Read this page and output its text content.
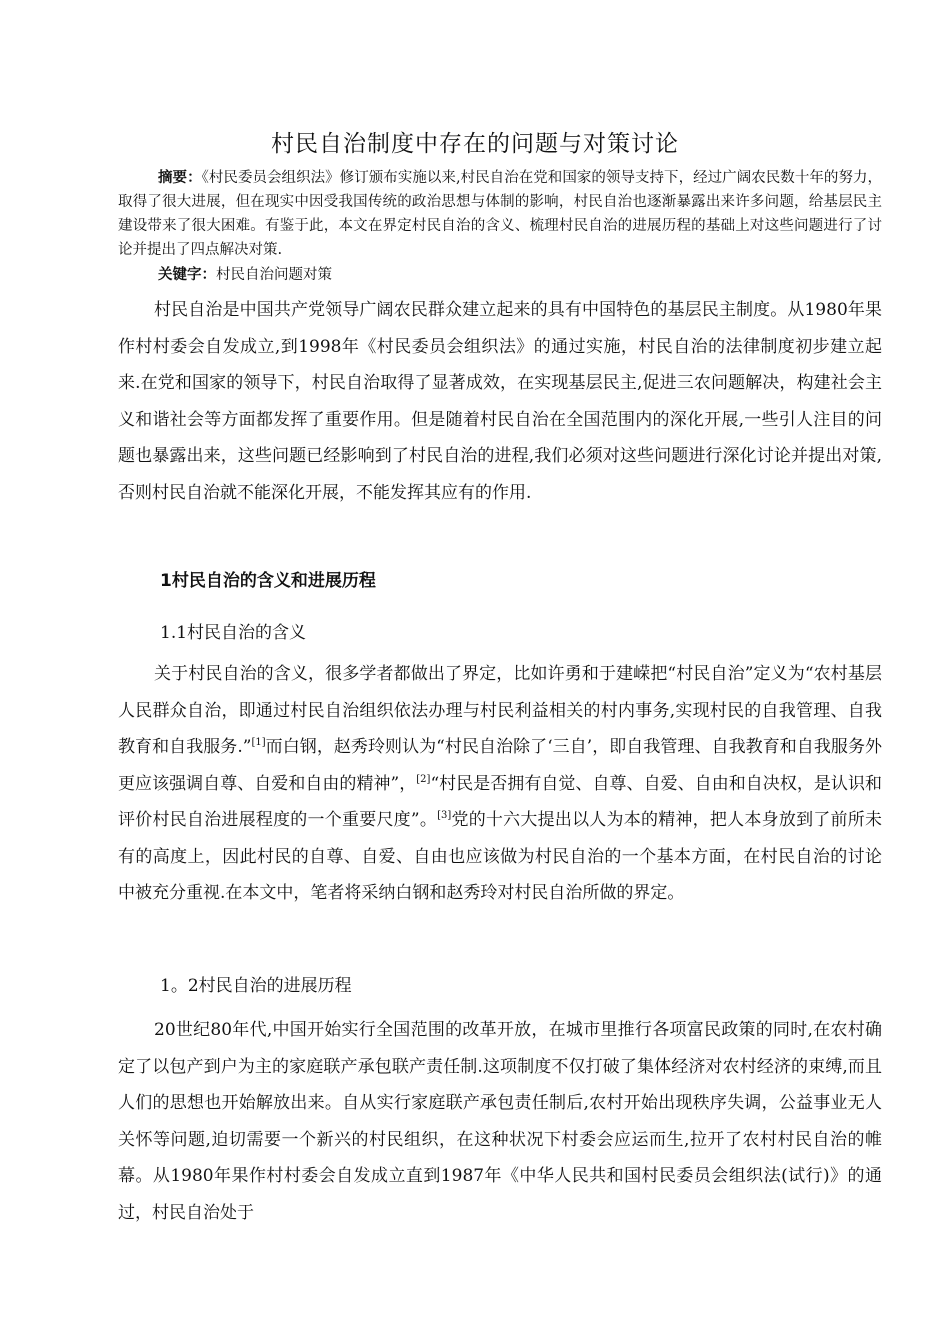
村民自治制度中存在的问题与对策讨论
摘要：《村民委员会组织法》修订颁布实施以来,村民自治在党和国家的领导支持下，经过广阔农民数十年的努力，取得了很大进展，但在现实中因受我国传统的政治思想与体制的影响，村民自治也逐渐暴露出来许多问题，给基层民主建设带来了很大困难。有鉴于此，本文在界定村民自治的含义、梳理村民自治的进展历程的基础上对这些问题进行了讨论并提出了四点解决对策.
关键字：村民自治问题对策
村民自治是中国共产党领导广阔农民群众建立起来的具有中国特色的基层民主制度。从1980年果作村村委会自发成立,到1998年《村民委员会组织法》的通过实施，村民自治的法律制度初步建立起来.在党和国家的领导下，村民自治取得了显著成效，在实现基层民主,促进三农问题解决，构建社会主义和谐社会等方面都发挥了重要作用。但是随着村民自治在全国范围内的深化开展,一些引人注目的问题也暴露出来，这些问题已经影响到了村民自治的进程,我们必须对这些问题进行深化讨论并提出对策,否则村民自治就不能深化开展，不能发挥其应有的作用.
1村民自治的含义和进展历程
1.1村民自治的含义
关于村民自治的含义，很多学者都做出了界定，比如许勇和于建嵘把“村民自治”定义为“农村基层人民群众自治，即通过村民自治组织依法办理与村民利益相关的村内事务,实现村民的自我管理、自我教育和自我服务.”[1]而白钢，赵秀玲则认为“村民自治除了‘三自’，即自我管理、自我教育和自我服务外更应该强调自尊、自爱和自由的精神”，[2]“村民是否拥有自觉、自尊、自爱、自由和自决权，是认识和评价村民自治进展程度的一个重要尺度”。[3]党的十六大提出以人为本的精神，把人本身放到了前所未有的高度上，因此村民的自尊、自爱、自由也应该做为村民自治的一个基本方面，在村民自治的讨论中被充分重视.在本文中，笔者将采纳白钢和赵秀玲对村民自治所做的界定。
1。2村民自治的进展历程
20世纪80年代,中国开始实行全国范围的改革开放，在城市里推行各项富民政策的同时,在农村确定了以包产到户为主的家庭联产承包联产责任制.这项制度不仅打破了集体经济对农村经济的束缚,而且人们的思想也开始解放出来。自从实行家庭联产承包责任制后,农村开始出现秩序失调，公益事业无人关怀等问题,迫切需要一个新兴的村民组织，在这种状况下村委会应运而生,拉开了农村村民自治的帷幕。从1980年果作村村委会自发成立直到1987年《中华人民共和国村民委员会组织法(试行)》的通过，村民自治处于
